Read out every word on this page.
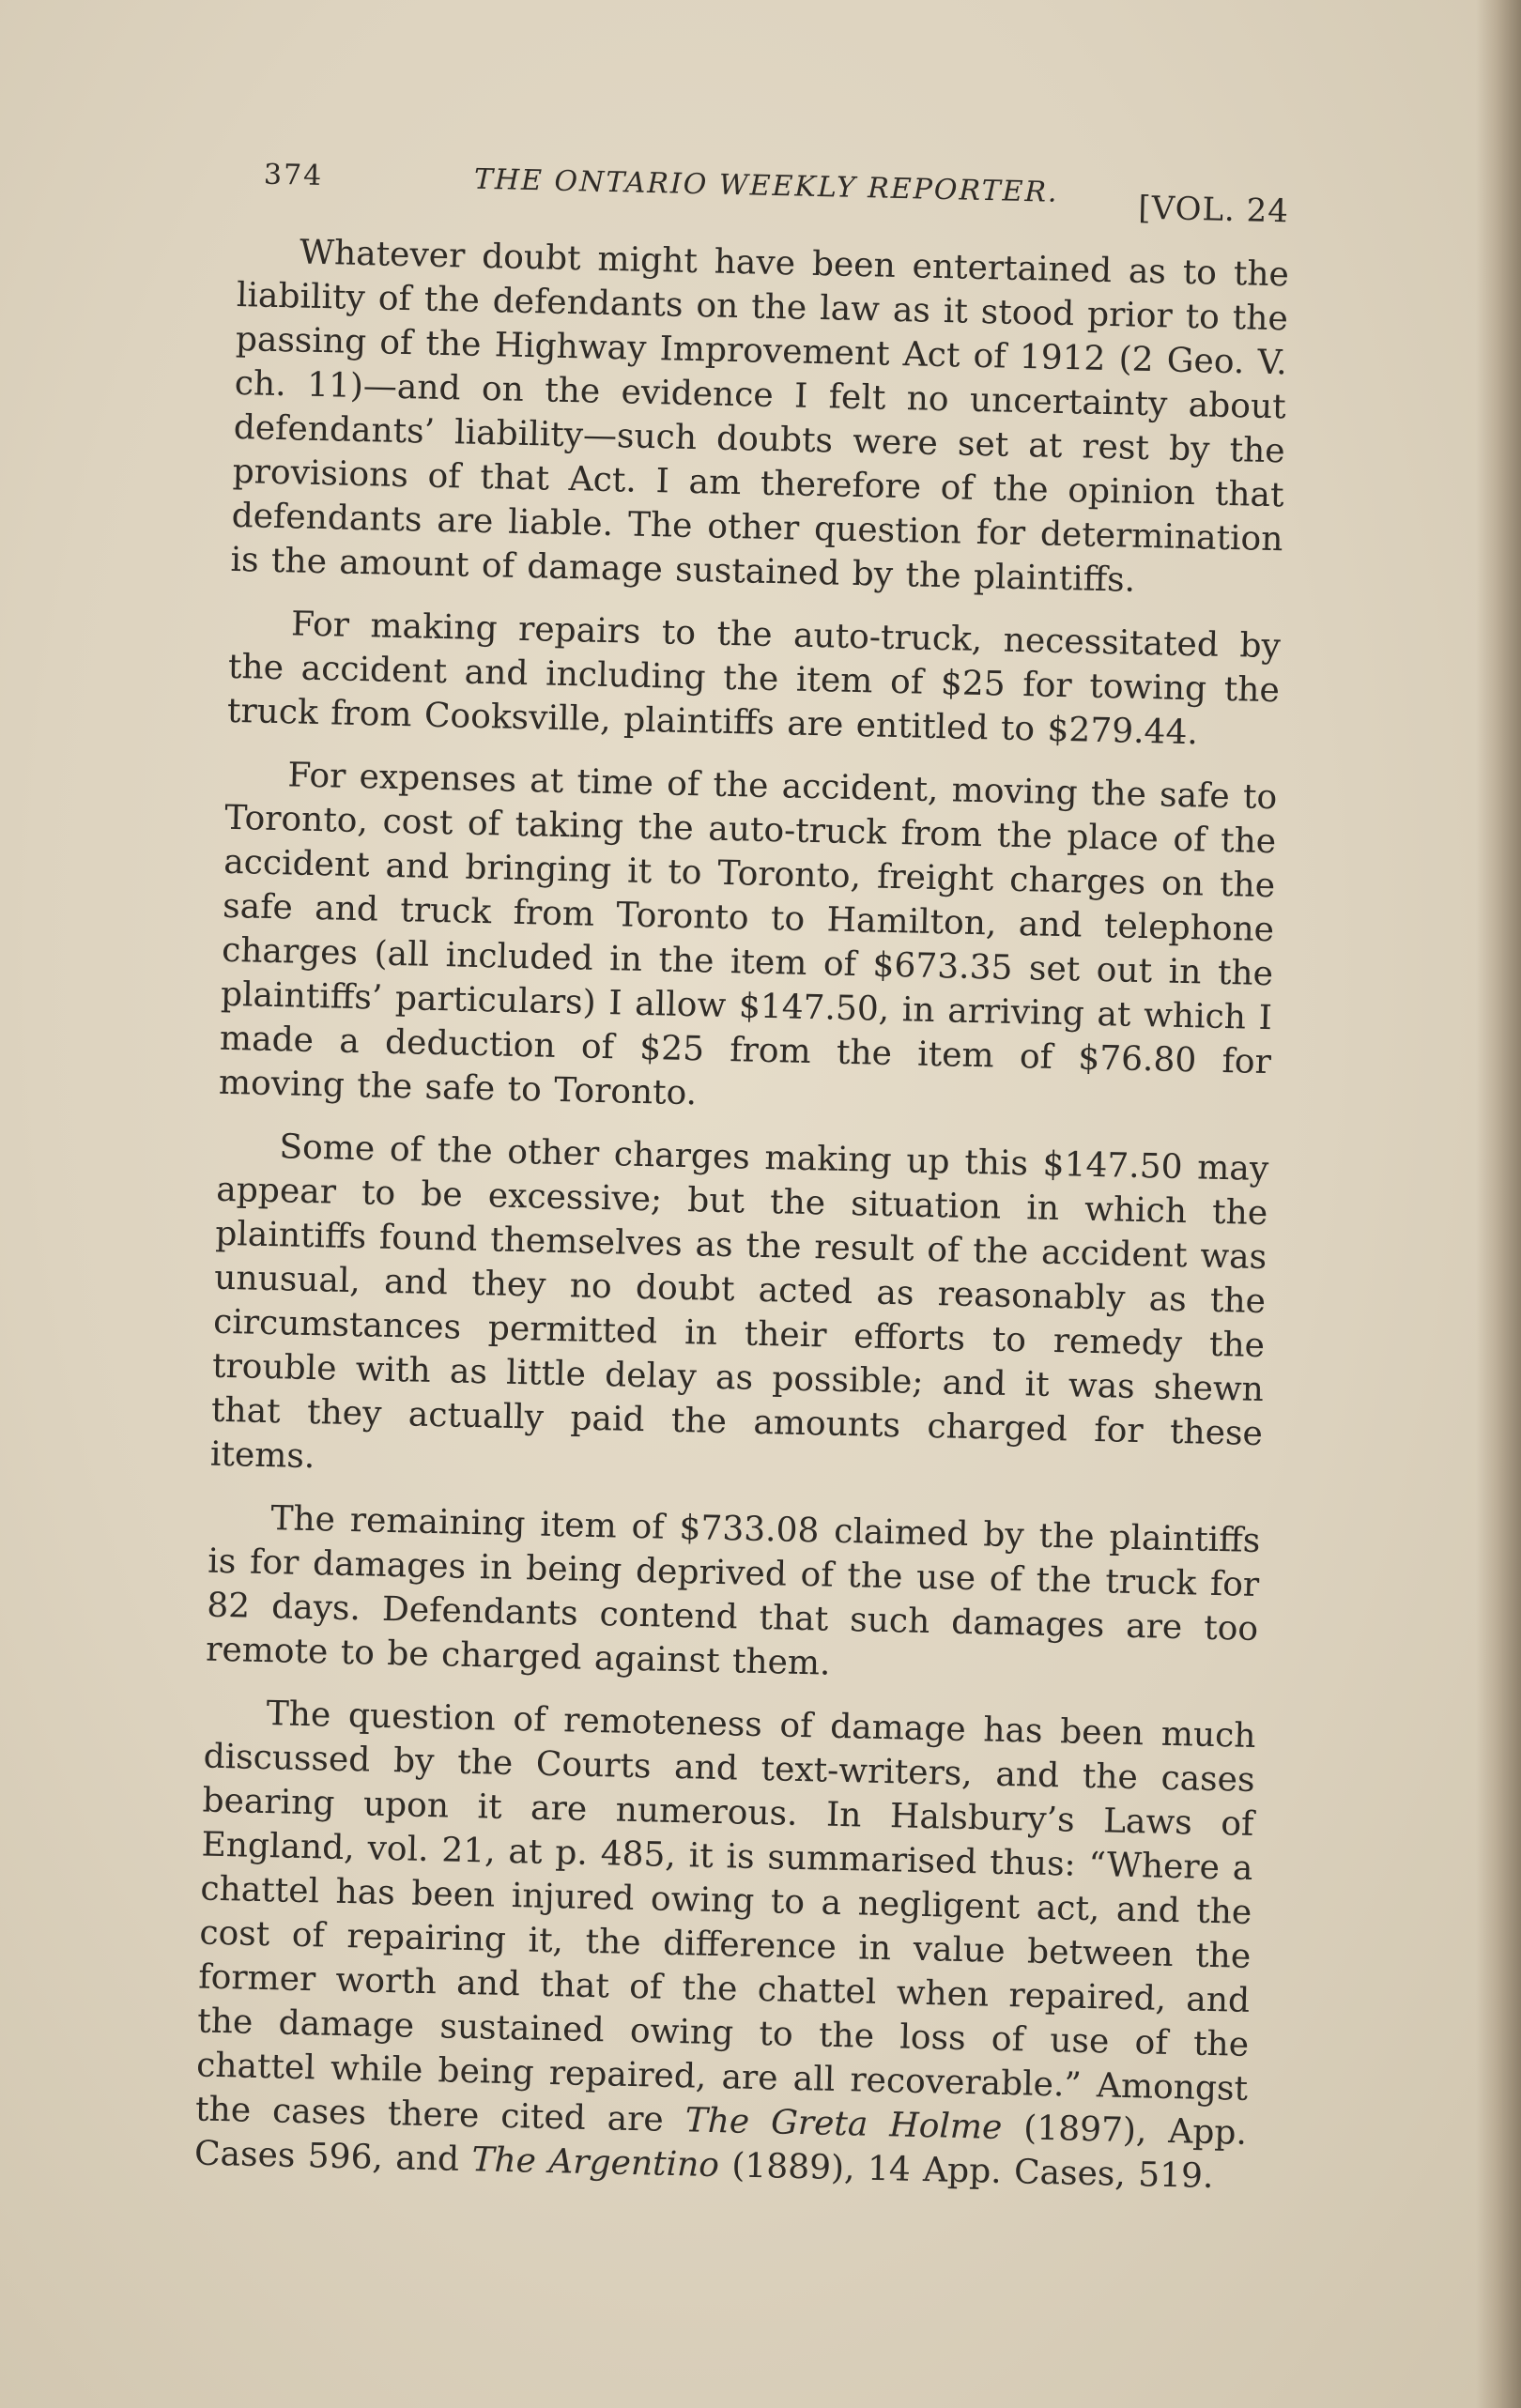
374	THE ONTARIO WEEKLY REPORTER.
[VOL. 24

Whatever doubt might have been entertained as to the liability of the defendants on the law as it stood prior to the passing of the Highway Improvement Act of 1912 (2 Geo. V. ch. 11)—and on the evidence I felt no uncertainty about defendants’ liability—such doubts were set at rest by the provisions of that Act. I am therefore of the opinion that defendants are liable. The other question for determination is the amount of damage sustained by the plaintiffs.

For making repairs to the auto-truck, necessitated by the accident and including the item of $25 for towing the truck from Cooksville, plaintiffs are entitled to $279.44.

For expenses at time of the accident, moving the safe to Toronto, cost of taking the auto-truck from the place of the accident and bringing it to Toronto, freight charges on the safe and truck from Toronto to Hamilton, and telephone charges (all included in the item of $673.35 set out in the plaintiffs’ particulars) I allow $147.50, in arriving at which I made a deduction of $25 from the item of $76.80 for moving the safe to Toronto.

Some of the other charges making up this $147.50 may appear to be excessive; but the situation in which the plaintiffs found themselves as the result of the accident was unusual, and they no doubt acted as reasonably as the circumstances permitted in their efforts to remedy the trouble with as little delay as possible; and it was shewn that they actually paid the amounts charged for these items.

The remaining item of $733.08 claimed by the plaintiffs is for damages in being deprived of the use of the truck for 82 days. Defendants contend that such damages are too remote to be charged against them.

The question of remoteness of damage has been much discussed by the Courts and text-writers, and the cases bearing upon it are numerous. In Halsbury’s Laws of England, vol. 21, at p. 485, it is summarised thus: “Where a chattel has been injured owing to a negligent act, and the cost of repairing it, the difference in value between the former worth and that of the chattel when repaired, and the damage sustained owing to the loss of use of the chattel while being repaired, are all recoverable.” Amongst the cases there cited are The Greta Holme (1897), App. Cases 596, and The Argentino (1889), 14 App. Cases, 519.
